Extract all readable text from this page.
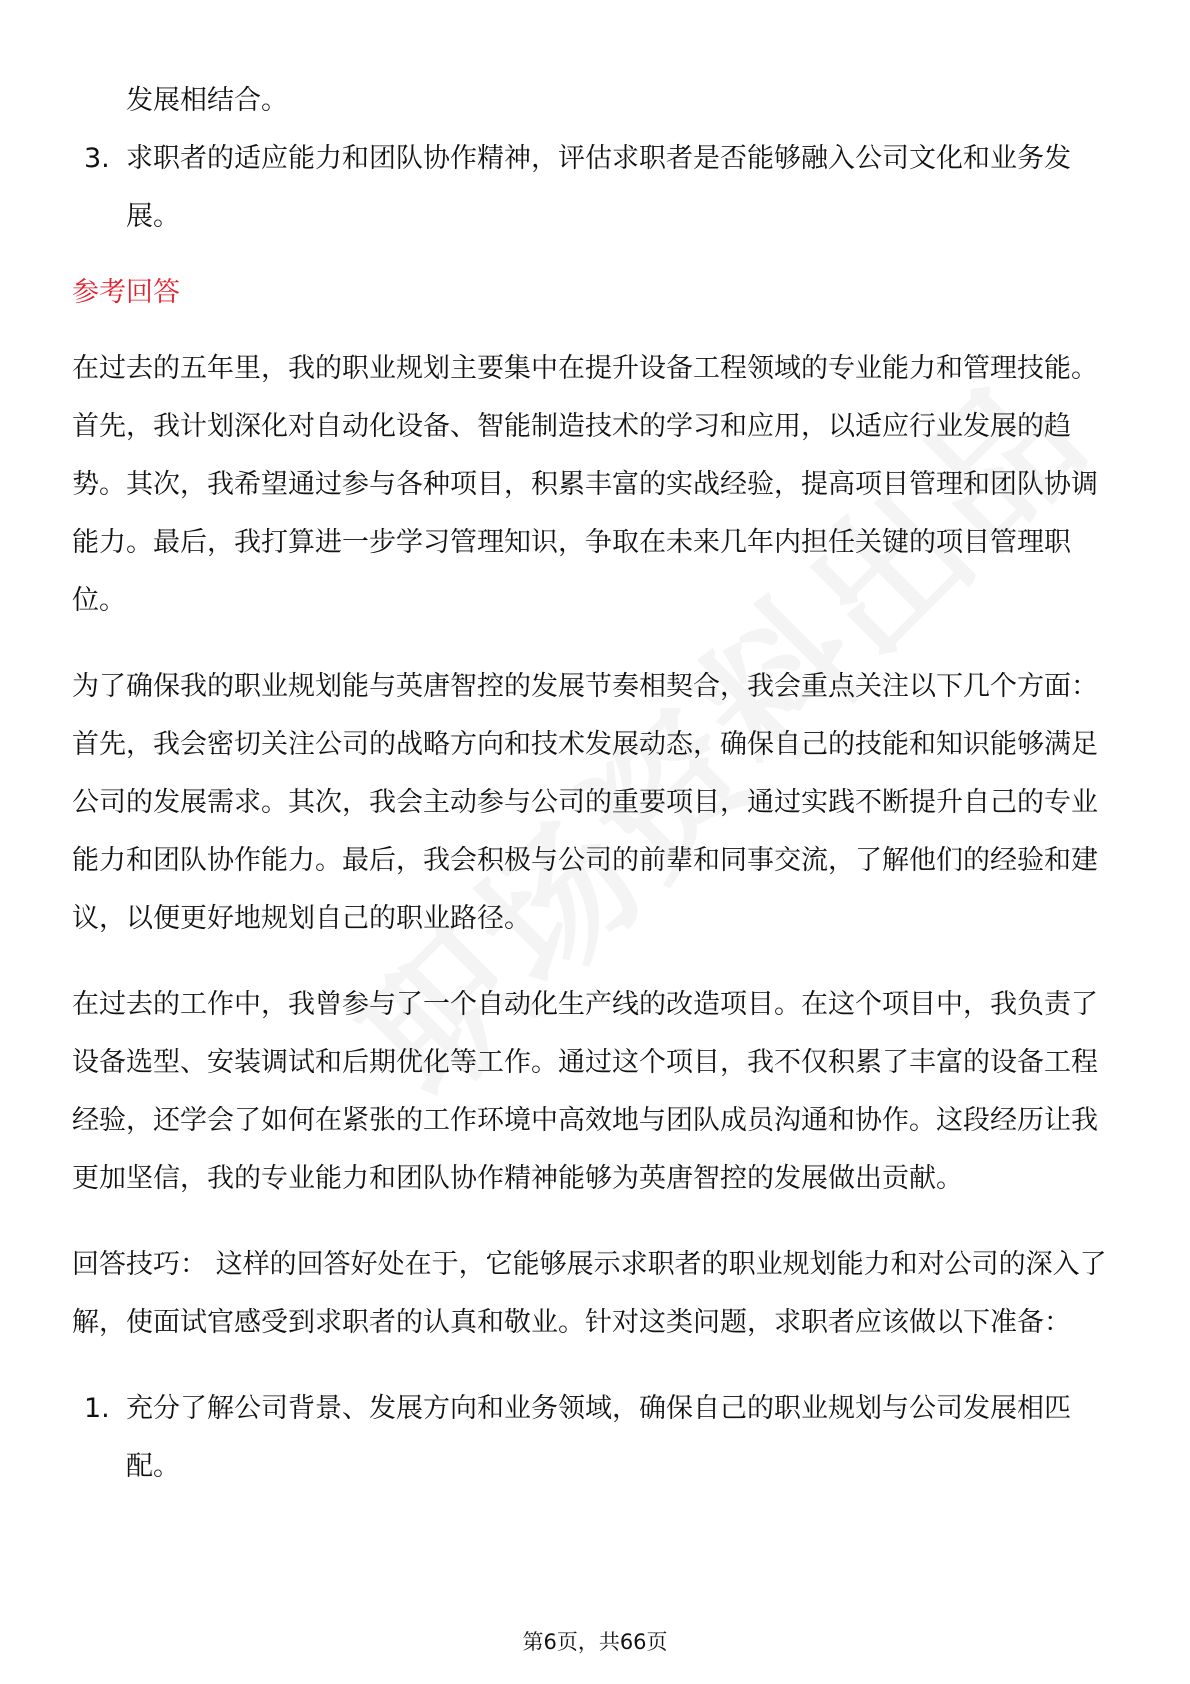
发展相结合。

3. 求职者的适应能力和团队协作精神，评估求职者是否能够融入公司文化和业务发展。
参考回答

在过去的五年里，我的职业规划主要集中在提升设备工程领域的专业能力和管理技能。首先，我计划深化对自动化设备、智能制造技术的学习和应用，以适应行业发展的趋势。其次，我希望通过参与各种项目，积累丰富的实战经验，提高项目管理和团队协调能力。最后，我打算进一步学习管理知识，争取在未来几年内担任关键的项目管理职位。

为了确保我的职业规划能与英唐智控的发展节奏相契合，我会重点关注以下几个方面：首先，我会密切关注公司的战略方向和技术发展动态，确保自己的技能和知识能够满足公司的发展需求。其次，我会主动参与公司的重要项目，通过实践不断提升自己的专业能力和团队协作能力。最后，我会积极与公司的前辈和同事交流，了解他们的经验和建议，以便更好地规划自己的职业路径。

在过去的工作中，我曾参与了一个自动化生产线的改造项目。在这个项目中，我负责了设备选型、安装调试和后期优化等工作。通过这个项目，我不仅积累了丰富的设备工程经验，还学会了如何在紧张的工作环境中高效地与团队成员沟通和协作。这段经历让我更加坚信，我的专业能力和团队协作精神能够为英唐智控的发展做出贡献。

回答技巧： 这样的回答好处在于，它能够展示求职者的职业规划能力和对公司的深入了解，使面试官感受到求职者的认真和敬业。针对这类问题，求职者应该做以下准备：

1. 充分了解公司背景、发展方向和业务领域，确保自己的职业规划与公司发展相匹配。
第6页，共66页
